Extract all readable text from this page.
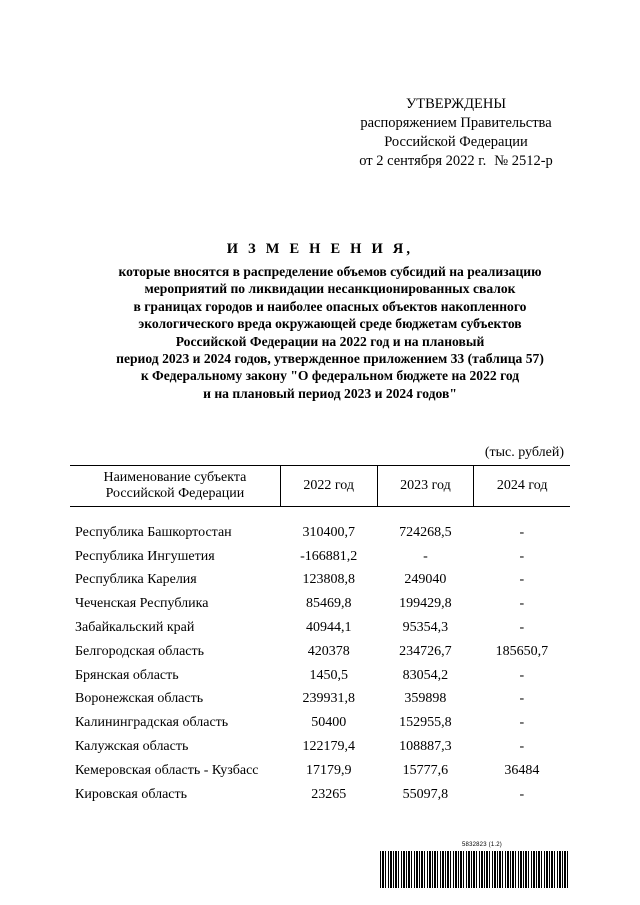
УТВЕРЖДЕНЫ
распоряжением Правительства
Российской Федерации
от 2 сентября 2022 г. № 2512-р
И З М Е Н Е Н И Я,
которые вносятся в распределение объемов субсидий на реализацию
мероприятий по ликвидации несанкционированных свалок
в границах городов и наиболее опасных объектов накопленного
экологического вреда окружающей среде бюджетам субъектов
Российской Федерации на 2022 год и на плановый
период 2023 и 2024 годов, утвержденное приложением 33 (таблица 57)
к Федеральному закону "О федеральном бюджете на 2022 год
и на плановый период 2023 и 2024 годов"
(тыс. рублей)
Наименование субъекта
Российской Федерации	2022 год	2023 год	2024 год

Республика Башкортостан	310400,7	724268,5	-
Республика Ингушетия	-166881,2	-	-
Республика Карелия	123808,8	249040	-
Чеченская Республика	85469,8	199429,8	-
Забайкальский край	40944,1	95354,3	-
Белгородская область	420378	234726,7	185650,7
Брянская область	1450,5	83054,2	-
Воронежская область	239931,8	359898	-
Калининградская область	50400	152955,8	-
Калужская область	122179,4	108887,3	-
Кемеровская область - Кузбасс	17179,9	15777,6	36484
Кировская область	23265	55097,8	-
5832823 (1.2)
